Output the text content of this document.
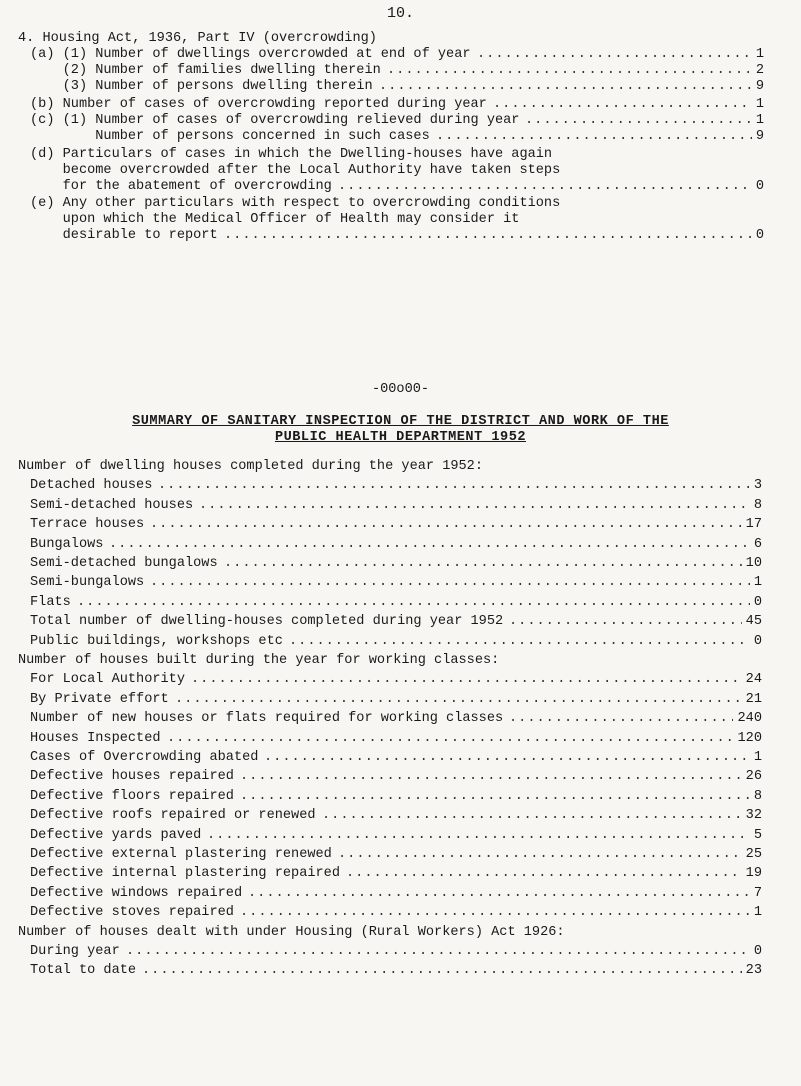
10.
4. Housing Act, 1936, Part IV (overcrowding)
(a) (1) Number of dwellings overcrowded at end of year	1
.....
(2) Number of families dwelling therein	2
.....
(3) Number of persons dwelling therein	9
.....
(b) Number of cases of overcrowding reported during year	1
.....
(c) (1) Number of cases of overcrowding relieved during year	1
.....
Number of persons concerned in such cases	9
.....
(d) Particulars of cases in which the Dwelling-houses have again
become overcrowded after the Local Authority have taken steps
for the abatement of overcrowding	0
.....
(e) Any other particulars with respect to overcrowding conditions
upon which the Medical Officer of Health may consider it
desirable to report	0
.....
-00o00-
SUMMARY OF SANITARY INSPECTION OF THE DISTRICT AND WORK OF THE
PUBLIC HEALTH DEPARTMENT 1952
Number of dwelling houses completed during the year 1952:
Detached houses	3
.....
Semi-detached houses	8
.....
Terrace houses	17
.....
Bungalows	6
.....
Semi-detached bungalows	10
.....
Semi-bungalows	1
.....
Flats	0
.....
Total number of dwelling-houses completed during year 1952	45
.....
Public buildings, workshops etc	0
.....
Number of houses built during the year for working classes:
For Local Authority	24
.....
By Private effort	21
.....
Number of new houses or flats required for working classes	240
.....
Houses Inspected	120
.....
Cases of Overcrowding abated	1
.....
Defective houses repaired	26
.....
Defective floors repaired	8
.....
Defective roofs repaired or renewed	32
.....
Defective yards paved	5
.....
Defective external plastering renewed	25
.....
Defective internal plastering repaired	19
.....
Defective windows repaired	7
.....
Defective stoves repaired	1
.....
Number of houses dealt with under Housing (Rural Workers) Act 1926:
During year	0
.....
Total to date	23
.....
